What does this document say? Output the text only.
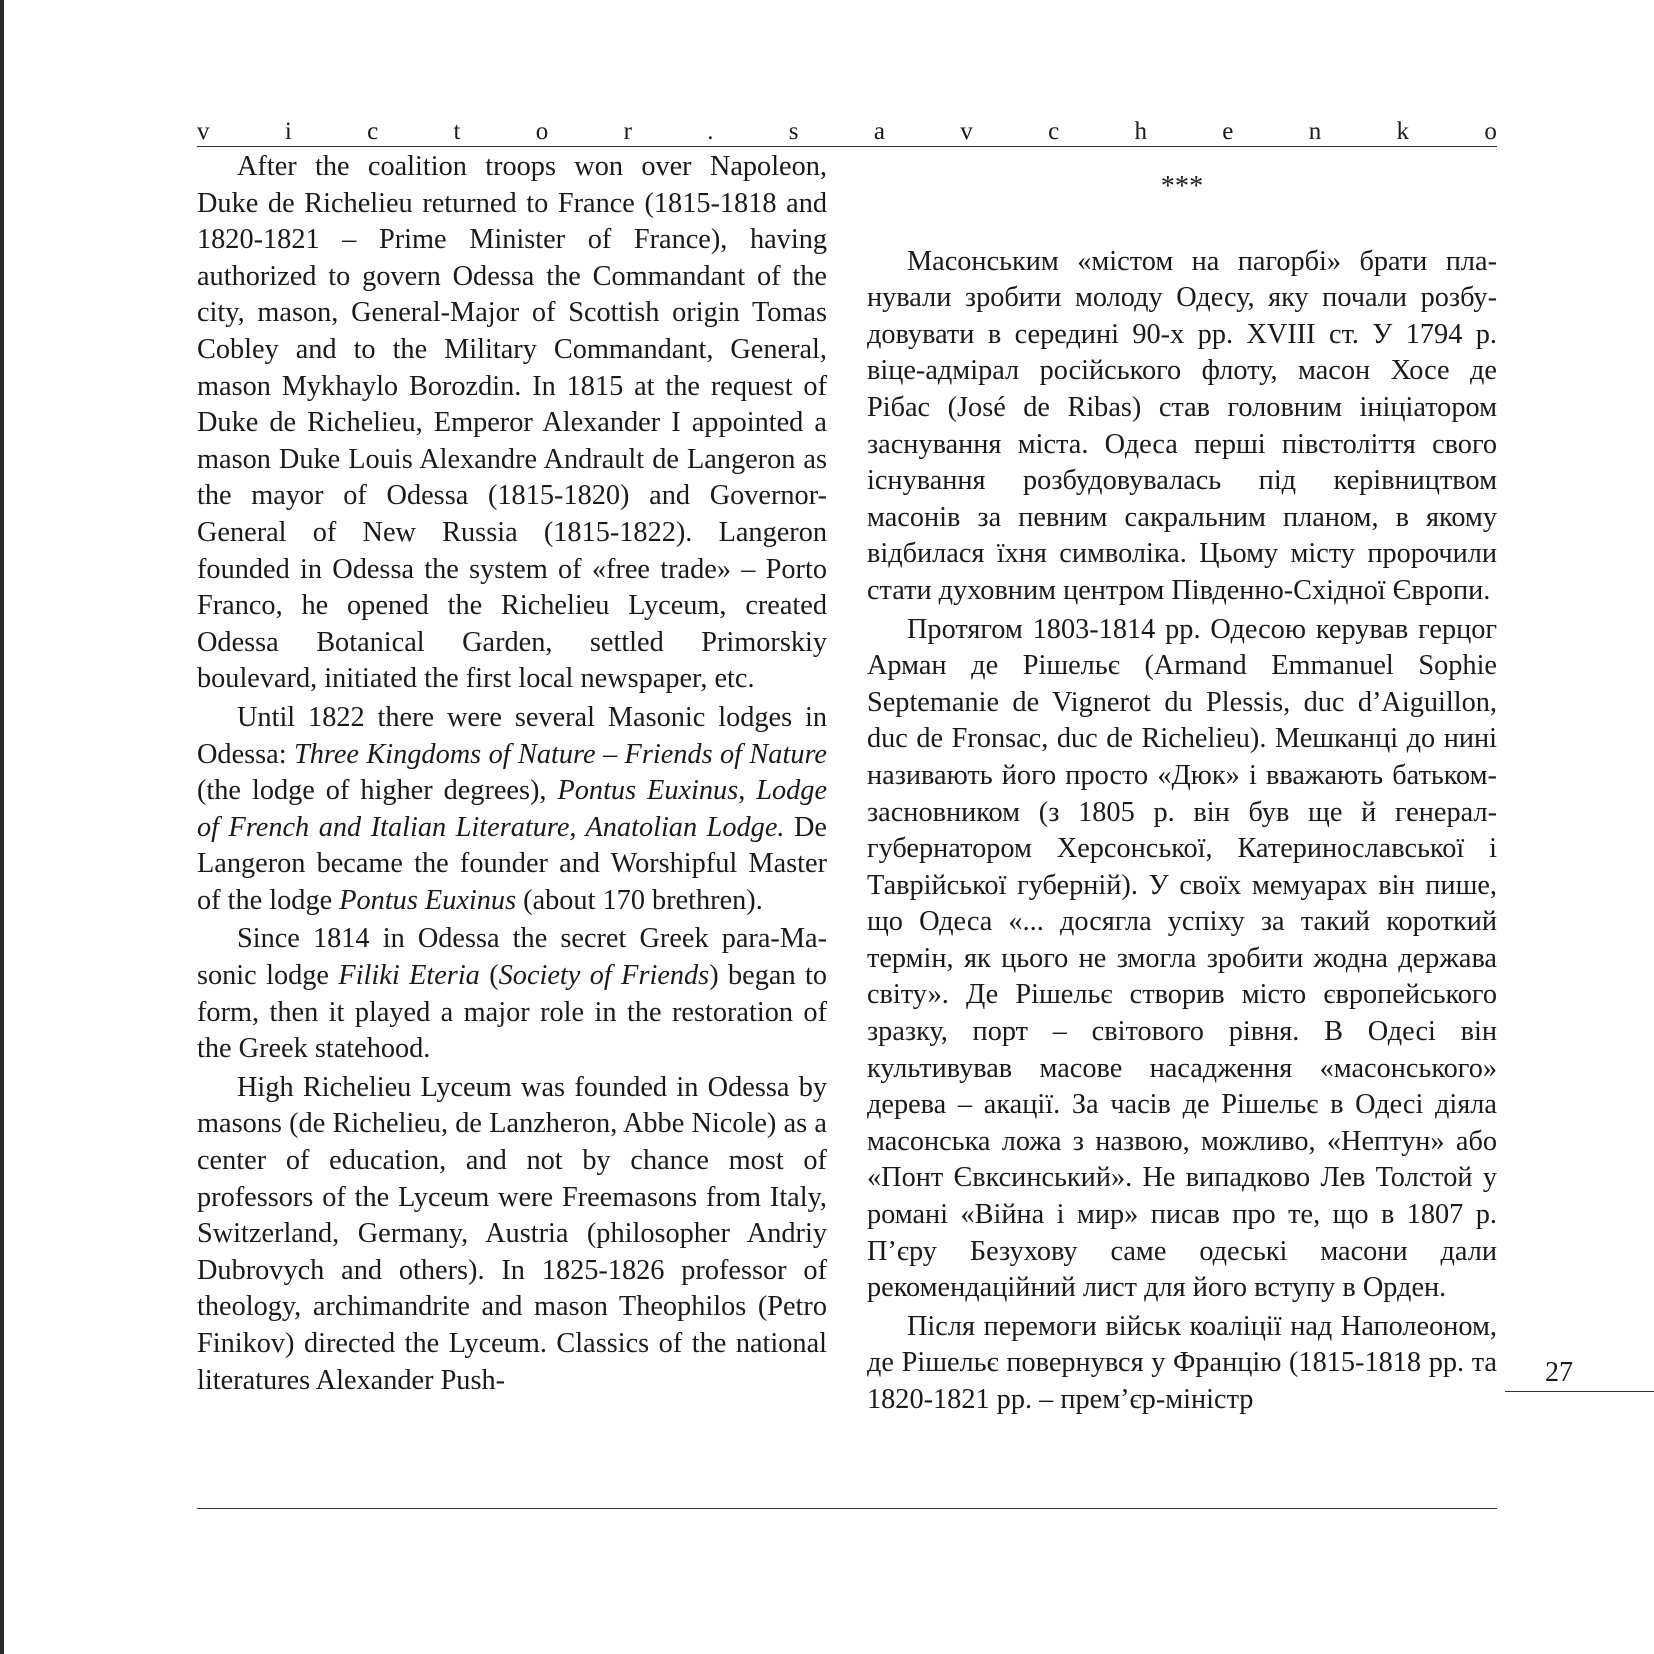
v	i	c	t	o	r	.	s	a	v	c	h	e	n	k	o

After the coalition troops won over Napoleon, Duke de Richelieu returned to France (1815-1818 and 1820-1821 – Prime Minister of France), having authorized to govern Odessa the Commandant of the city, mason, General-Major of Scottish origin Tomas Cobley and to the Military Commandant, General, mason Mykhaylo Borozdin. In 1815 at the request of Duke de Richelieu, Emperor Alexander I appointed a mason Duke Louis Alexandre Andrault de Langeron as the mayor of Odessa (1815-1820) and Governor-General of New Russia (1815-1822). Langeron founded in Odessa the system of «free trade» – Porto Franco, he opened the Richelieu Lyceum, created Odessa Botanical Garden, settled Primorskiy boulevard, initiated the first local newspaper, etc.

Until 1822 there were several Masonic lodges in Odessa: Three Kingdoms of Nature – Friends of Nature (the lodge of higher degrees), Pontus Euxinus, Lodge of French and Italian Literature, Anatolian Lodge. De Langeron became the founder and Worshipful Master of the lodge Pontus Euxinus (about 170 brethren).

Since 1814 in Odessa the secret Greek para-Masonic lodge Filiki Eteria (Society of Friends) began to form, then it played a major role in the restoration of the Greek statehood.

High Richelieu Lyceum was founded in Odessa by masons (de Richelieu, de Lanzheron, Abbe Nicole) as a center of education, and not by chance most of professors of the Lyceum were Freemasons from Italy, Switzerland, Germany, Austria (philosopher Andriy Dubrovych and others). In 1825-1826 professor of theology, archimandrite and mason Theophilos (Petro Finikov) directed the Lyceum. Classics of the national literatures Alexander Push-

***

Масонським «містом на пагорбі» брати планували зробити молоду Одесу, яку почали розбудовувати в середині 90-х рр. XVIII ст. У 1794 р. віце-адмірал російського флоту, масон Хосе де Рібас (José de Ribas) став головним ініціатором заснування міста. Одеса перші півстоліття свого існування розбудовувалась під керівництвом масонів за певним сакральним планом, в якому відбилася їхня символіка. Цьому місту пророчили стати духовним центром Південно-Східної Європи.

Протягом 1803-1814 рр. Одесою керував герцог Арман де Рішельє (Armand Emmanuel Sophie Septemanie de Vignerot du Plessis, duc d’Aiguillon, duc de Fronsac, duc de Richelieu). Мешканці до нині називають його просто «Дюк» і вважають батьком-засновником (з 1805 р. він був ще й генерал-губернатором Херсонської, Катеринославської і Таврійської губерній). У своїх мемуарах він пише, що Одеса «... досягла успіху за такий короткий термін, як цього не змогла зробити жодна держава світу». Де Рішельє створив місто європейського зразку, порт – світового рівня. В Одесі він культивував масове насадження «масонського» дерева – акації. За часів де Рішельє в Одесі діяла масонська ложа з назвою, можливо, «Нептун» або «Понт Євксинський». Не випадково Лев Толстой у романі «Війна і мир» писав про те, що в 1807 р. П’єру Безухову саме одеські масони дали рекомендаційний лист для його вступу в Орден.

Після перемоги військ коаліції над Наполеоном, де Рішельє повернувся у Францію (1815-1818 рр. та 1820-1821 рр. – прем’єр-міністр

27
